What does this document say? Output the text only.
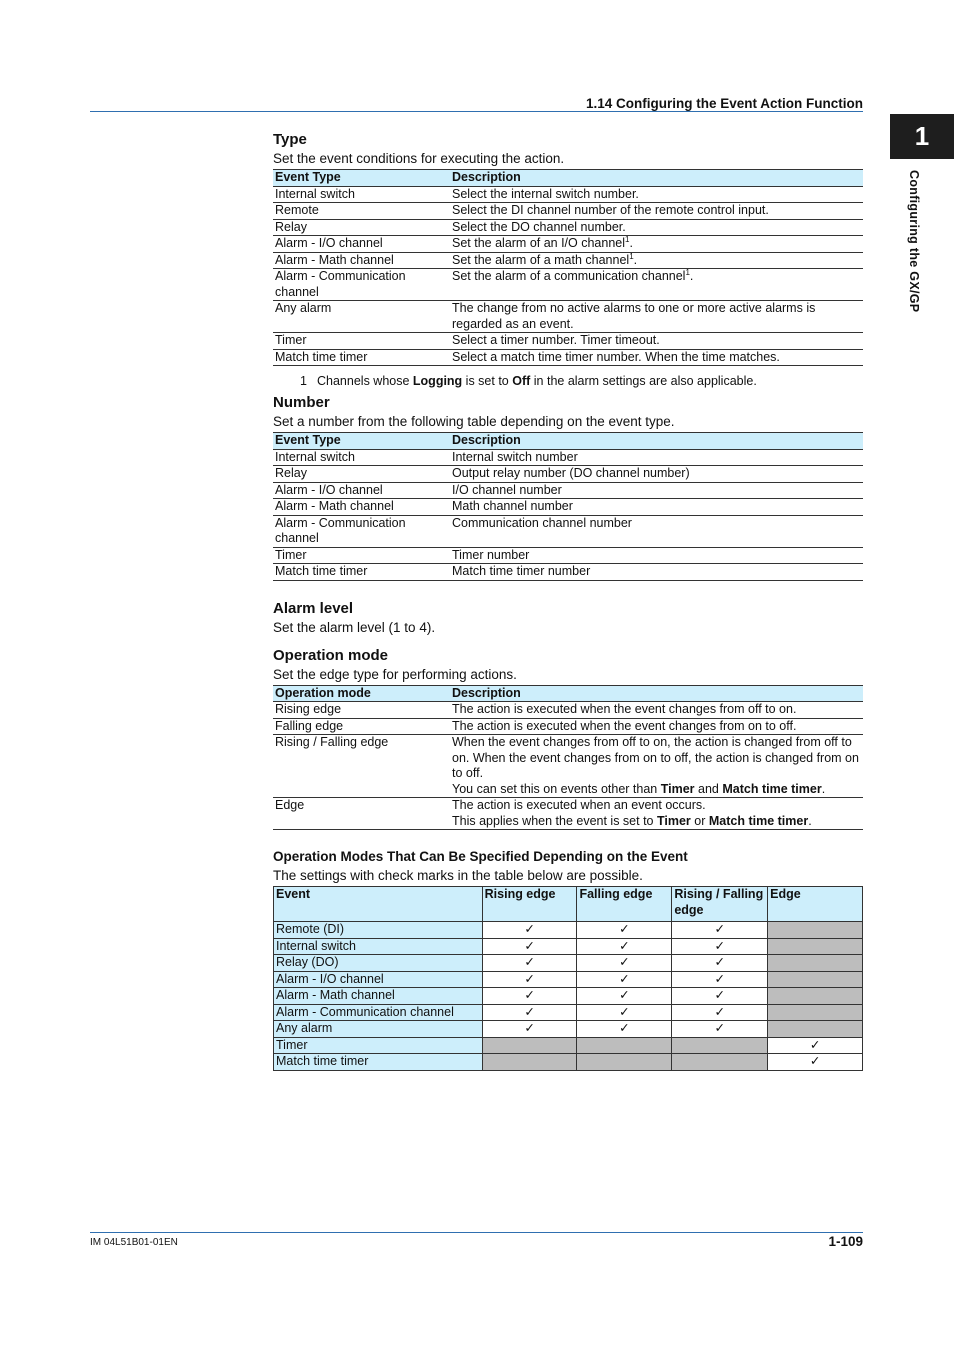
1.14 Configuring the Event Action Function
1
Configuring the GX/GP
Type

Set the event conditions for executing the action.

Event Type	Description
Internal switch	Select the internal switch number.
Remote	Select the DI channel number of the remote control input.
Relay	Select the DO channel number.
Alarm - I/O channel	Set the alarm of an I/O channel$^1$.
Alarm - Math channel	Set the alarm of a math channel$^1$.
Alarm - Communication channel	Set the alarm of a communication channel$^1$.
Any alarm	The change from no active alarms to one or more active alarms is regarded as an event.
Timer	Select a timer number. Timer timeout.
Match time timer	Select a match time timer number. When the time matches.
1 Channels whose Logging is set to Off in the alarm settings are also applicable.
Number

Set a number from the following table depending on the event type.

Event Type	Description
Internal switch	Internal switch number
Relay	Output relay number (DO channel number)
Alarm - I/O channel	I/O channel number
Alarm - Math channel	Math channel number
Alarm - Communication channel	Communication channel number
Timer	Timer number
Match time timer	Match time timer number
Alarm level

Set the alarm level (1 to 4).

Operation mode

Set the edge type for performing actions.

Operation mode	Description
Rising edge	The action is executed when the event changes from off to on.

Falling edge	The action is executed when the event changes from on to off.

Rising / Falling edge	When the event changes from off to on, the action is changed from off to on. When the event changes from on to off, the action is changed from on to off.
You can set this on events other than Timer and Match time timer.

Edge	The action is executed when an event occurs.
This applies when the event is set to Timer or Match time timer.
Operation Modes That Can Be Specified Depending on the Event

The settings with check marks in the table below are possible.

Event	Rising edge	Falling edge	Rising / Falling edge	Edge
Remote (DI)	✓	✓	✓	
Internal switch	✓	✓	✓	
Relay (DO)	✓	✓	✓	
Alarm - I/O channel	✓	✓	✓	
Alarm - Math channel	✓	✓	✓	
Alarm - Communication channel	✓	✓	✓	
Any alarm	✓	✓	✓	
Timer				✓
Match time timer				✓
IM 04L51B01-01EN	1-109
